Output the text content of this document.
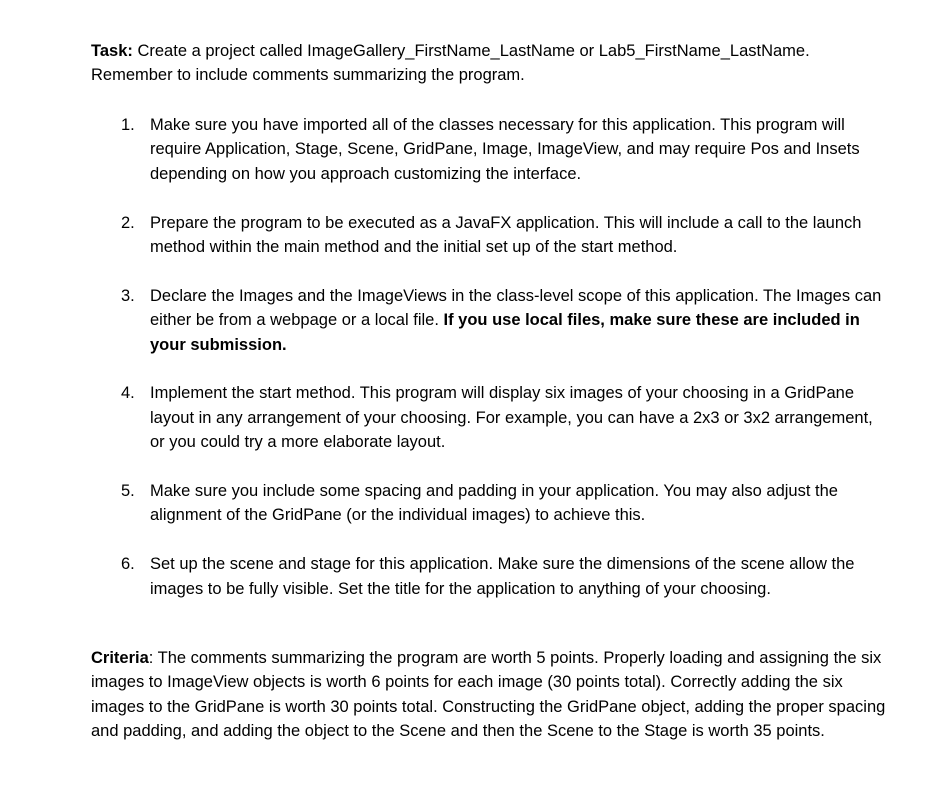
Task: Create a project called ImageGallery_FirstName_LastName or Lab5_FirstName_LastName. Remember to include comments summarizing the program.

1. Make sure you have imported all of the classes necessary for this application. This program will require Application, Stage, Scene, GridPane, Image, ImageView, and may require Pos and Insets depending on how you approach customizing the interface.
2. Prepare the program to be executed as a JavaFX application. This will include a call to the launch method within the main method and the initial set up of the start method.
3. Declare the Images and the ImageViews in the class-level scope of this application. The Images can either be from a webpage or a local file. If you use local files, make sure these are included in your submission.
4. Implement the start method. This program will display six images of your choosing in a GridPane layout in any arrangement of your choosing. For example, you can have a 2x3 or 3x2 arrangement, or you could try a more elaborate layout.
5. Make sure you include some spacing and padding in your application. You may also adjust the alignment of the GridPane (or the individual images) to achieve this.
6. Set up the scene and stage for this application. Make sure the dimensions of the scene allow the images to be fully visible. Set the title for the application to anything of your choosing.

Criteria: The comments summarizing the program are worth 5 points. Properly loading and assigning the six images to ImageView objects is worth 6 points for each image (30 points total). Correctly adding the six images to the GridPane is worth 30 points total. Constructing the GridPane object, adding the proper spacing and padding, and adding the object to the Scene and then the Scene to the Stage is worth 35 points.
